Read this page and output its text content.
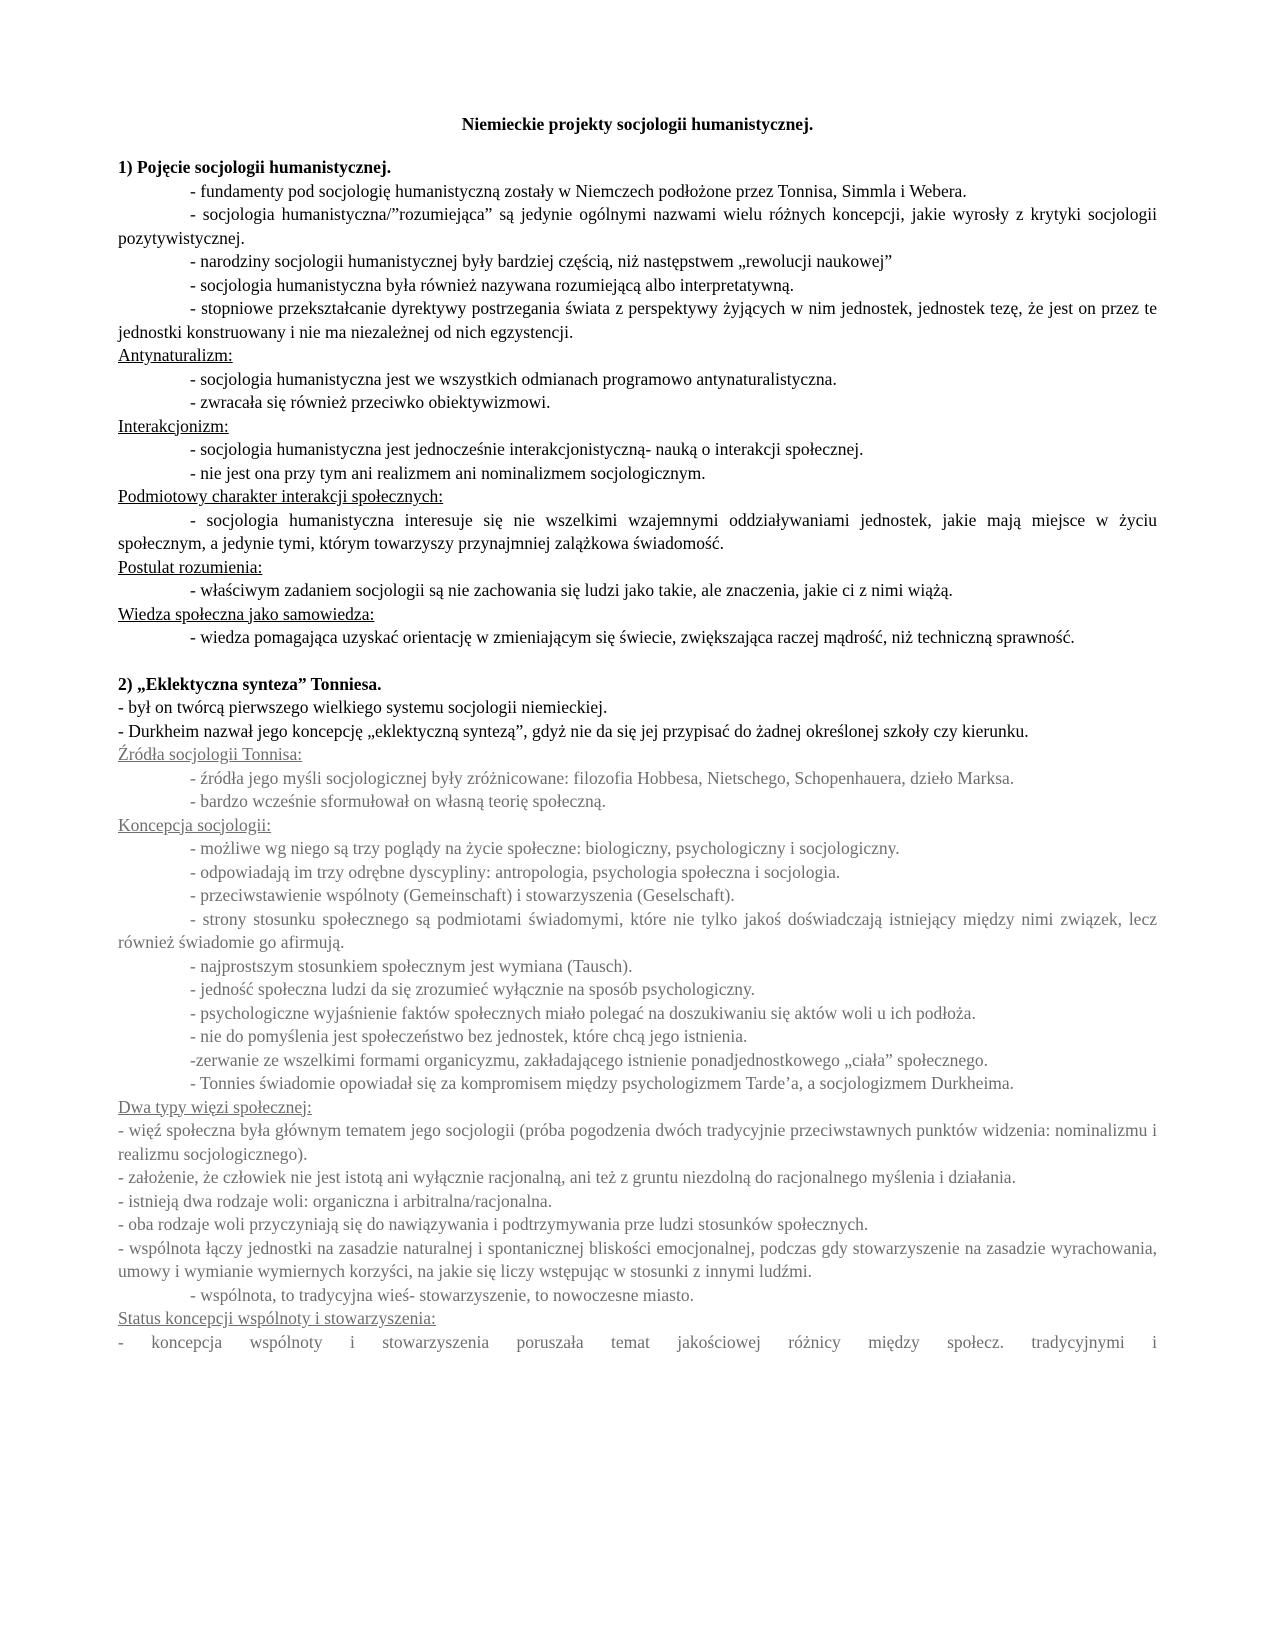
Niemieckie projekty socjologii humanistycznej.
1) Pojęcie socjologii humanistycznej.

- fundamenty pod socjologię humanistyczną zostały w Niemczech podłożone przez Tonnisa, Simmla i Webera.

- socjologia humanistyczna/”rozumiejąca” są jedynie ogólnymi nazwami wielu różnych koncepcji, jakie wyrosły z krytyki socjologii pozytywistycznej.

- narodziny socjologii humanistycznej były bardziej częścią, niż następstwem „rewolucji naukowej”

- socjologia humanistyczna była również nazywana rozumiejącą albo interpretatywną.

- stopniowe przekształcanie dyrektywy postrzegania świata z perspektywy żyjących w nim jednostek, jednostek tezę, że jest on przez te jednostki konstruowany i nie ma niezależnej od nich egzystencji.

Antynaturalizm:

- socjologia humanistyczna jest we wszystkich odmianach programowo antynaturalistyczna.

- zwracała się również przeciwko obiektywizmowi.

Interakcjonizm:

- socjologia humanistyczna jest jednocześnie interakcjonistyczną- nauką o interakcji społecznej.

- nie jest ona przy tym ani realizmem ani nominalizmem socjologicznym.

Podmiotowy charakter interakcji społecznych:

- socjologia humanistyczna interesuje się nie wszelkimi wzajemnymi oddziaływaniami jednostek, jakie mają miejsce w życiu społecznym, a jedynie tymi, którym towarzyszy przynajmniej zalążkowa świadomość.

Postulat rozumienia:

- właściwym zadaniem socjologii są nie zachowania się ludzi jako takie, ale znaczenia, jakie ci z nimi wiążą.

Wiedza społeczna jako samowiedza:

- wiedza pomagająca uzyskać orientację w zmieniającym się świecie, zwiększająca raczej mądrość, niż techniczną sprawność.

2) „Eklektyczna synteza” Tonniesa.

- był on twórcą pierwszego wielkiego systemu socjologii niemieckiej.

- Durkheim nazwał jego koncepcję „eklektyczną syntezą”, gdyż nie da się jej przypisać do żadnej określonej szkoły czy kierunku.

Źródła socjologii Tonnisa:

- źródła jego myśli socjologicznej były zróżnicowane: filozofia Hobbesa, Nietschego, Schopenhauera, dzieło Marksa.

- bardzo wcześnie sformułował on własną teorię społeczną.

Koncepcja socjologii:

- możliwe wg niego są trzy poglądy na życie społeczne: biologiczny, psychologiczny i socjologiczny.

- odpowiadają im trzy odrębne dyscypliny: antropologia, psychologia społeczna i socjologia.

- przeciwstawienie wspólnoty (Gemeinschaft) i stowarzyszenia (Geselschaft).

- strony stosunku społecznego są podmiotami świadomymi, które nie tylko jakoś doświadczają istniejący między nimi związek, lecz również świadomie go afirmują.

- najprostszym stosunkiem społecznym jest wymiana (Tausch).

- jedność społeczna ludzi da się zrozumieć wyłącznie na sposób psychologiczny.

- psychologiczne wyjaśnienie faktów społecznych miało polegać na doszukiwaniu się aktów woli u ich podłoża.

- nie do pomyślenia jest społeczeństwo bez jednostek, które chcą jego istnienia.

-zerwanie ze wszelkimi formami organicyzmu, zakładającego istnienie ponadjednostkowego „ciała” społecznego.

- Tonnies świadomie opowiadał się za kompromisem między psychologizmem Tarde’a, a socjologizmem Durkheima.

Dwa typy więzi społecznej:

- więź społeczna była głównym tematem jego socjologii (próba pogodzenia dwóch tradycyjnie przeciwstawnych punktów widzenia: nominalizmu i realizmu socjologicznego).

- założenie, że człowiek nie jest istotą ani wyłącznie racjonalną, ani też z gruntu niezdolną do racjonalnego myślenia i działania.

- istnieją dwa rodzaje woli: organiczna i arbitralna/racjonalna.

- oba rodzaje woli przyczyniają się do nawiązywania i podtrzymywania prze ludzi stosunków społecznych.

- wspólnota łączy jednostki na zasadzie naturalnej i spontanicznej bliskości emocjonalnej, podczas gdy stowarzyszenie na zasadzie wyrachowania, umowy i wymianie wymiernych korzyści, na jakie się liczy wstępując w stosunki z innymi ludźmi.

- wspólnota, to tradycyjna wieś- stowarzyszenie, to nowoczesne miasto.

Status koncepcji wspólnoty i stowarzyszenia:

- koncepcja wspólnoty i stowarzyszenia poruszała temat jakościowej różnicy między społecz. tradycyjnymi i
